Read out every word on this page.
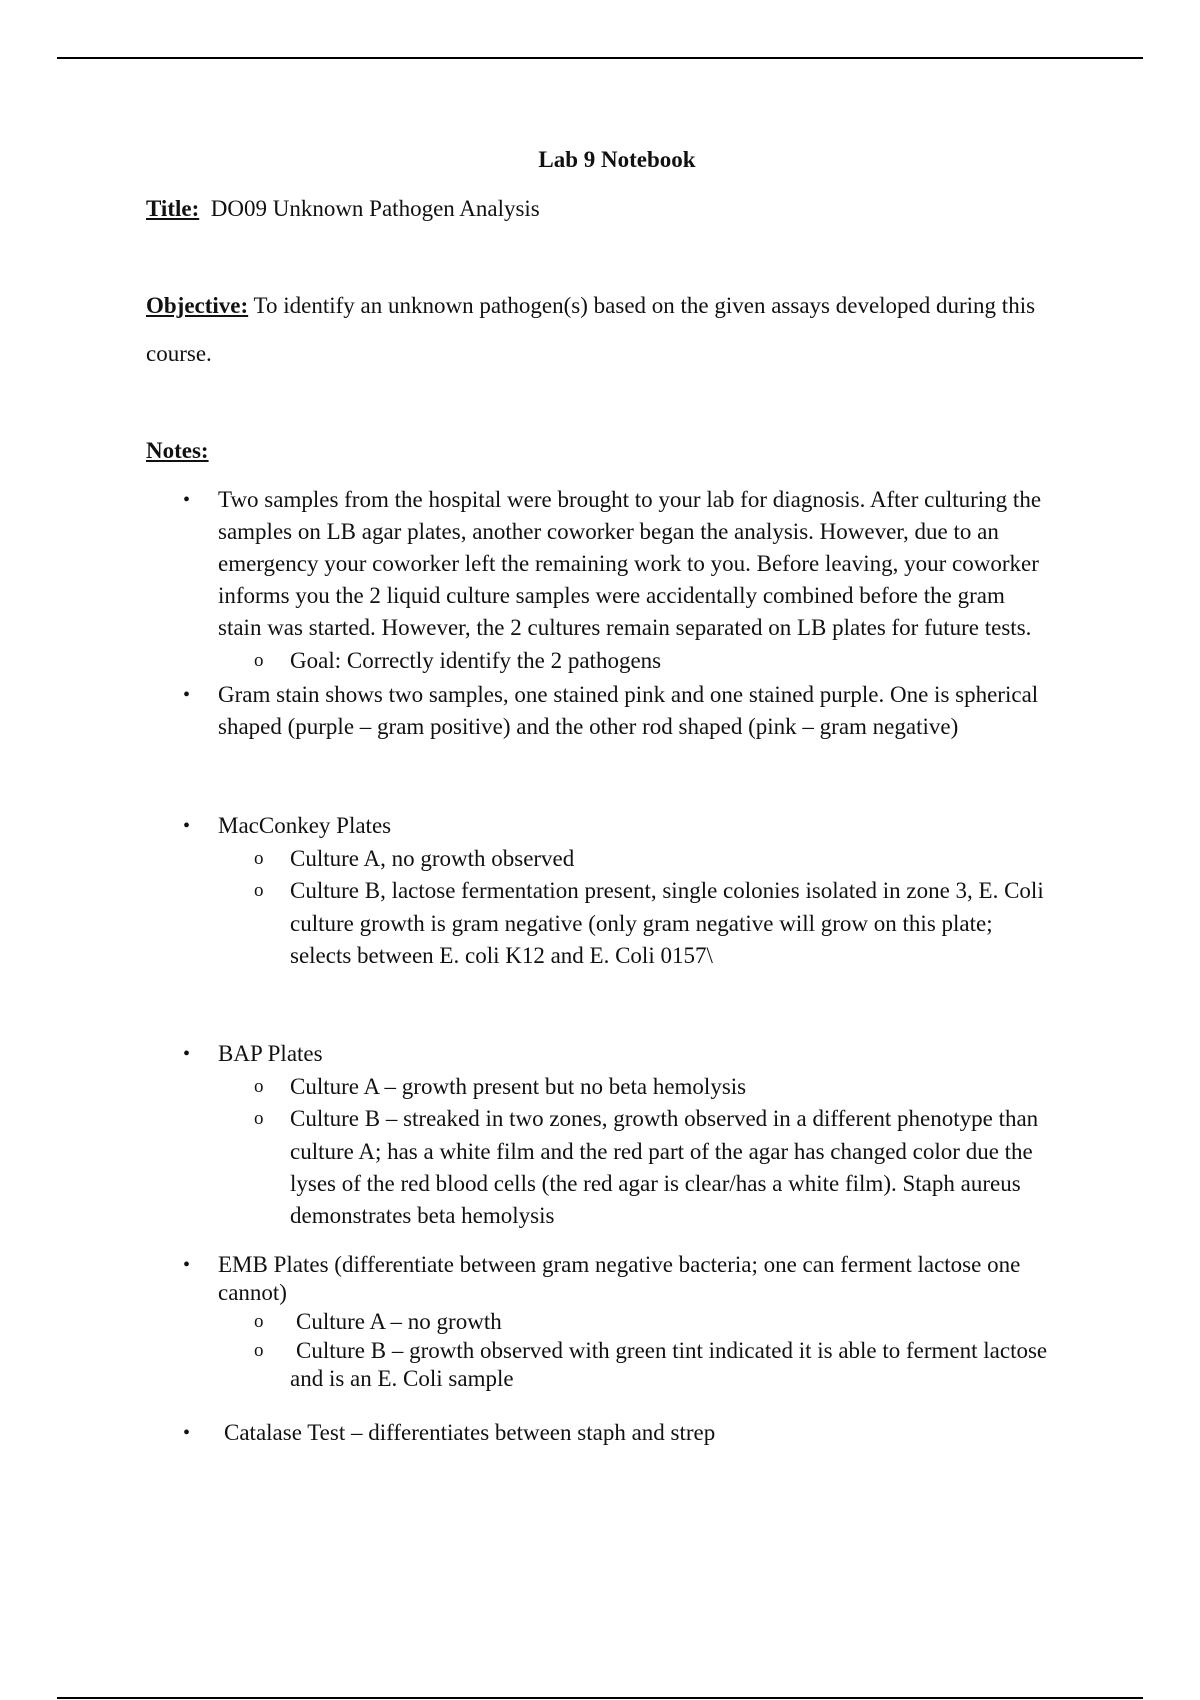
Lab 9 Notebook
Title: DO09 Unknown Pathogen Analysis
Objective: To identify an unknown pathogen(s) based on the given assays developed during this
course.
Notes:
• Two samples from the hospital were brought to your lab for diagnosis. After culturing the
samples on LB agar plates, another coworker began the analysis. However, due to an
emergency your coworker left the remaining work to you. Before leaving, your coworker
informs you the 2 liquid culture samples were accidentally combined before the gram
stain was started. However, the 2 cultures remain separated on LB plates for future tests.
o Goal: Correctly identify the 2 pathogens
• Gram stain shows two samples, one stained pink and one stained purple. One is spherical
shaped (purple – gram positive) and the other rod shaped (pink – gram negative)
• MacConkey Plates
o Culture A, no growth observed
o Culture B, lactose fermentation present, single colonies isolated in zone 3, E. Coli
culture growth is gram negative (only gram negative will grow on this plate;
selects between E. coli K12 and E. Coli 0157\
• BAP Plates
o Culture A – growth present but no beta hemolysis
o Culture B – streaked in two zones, growth observed in a different phenotype than
culture A; has a white film and the red part of the agar has changed color due the
lyses of the red blood cells (the red agar is clear/has a white film). Staph aureus
demonstrates beta hemolysis
• EMB Plates (differentiate between gram negative bacteria; one can ferment lactose one
cannot)
o Culture A – no growth
o Culture B – growth observed with green tint indicated it is able to ferment lactose
and is an E. Coli sample
• Catalase Test – differentiates between staph and strep
